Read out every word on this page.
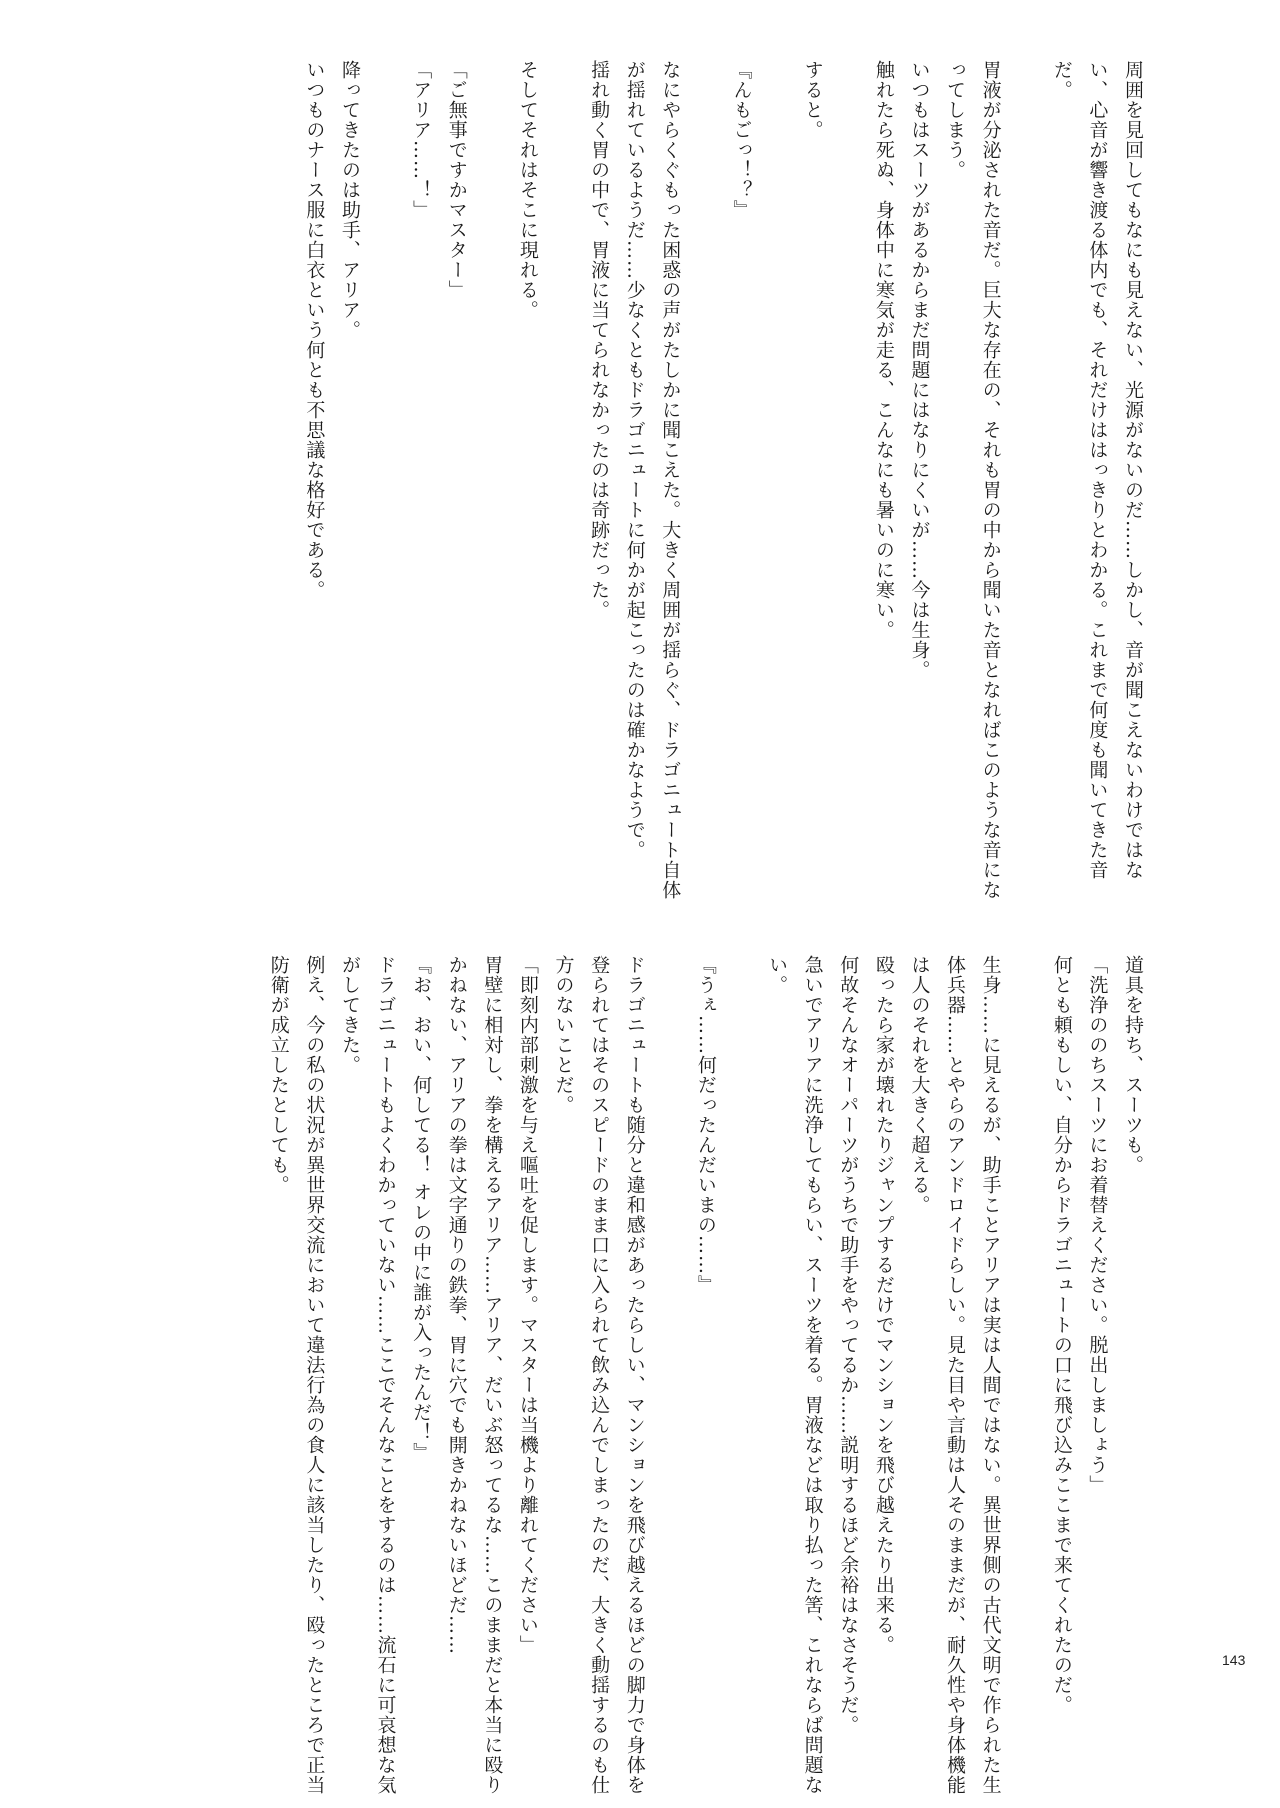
周囲を見回してもなにも見えない、光源がないのだ……しかし、音が聞こえないわけではない、心音が響き渡る体内でも、それだけははっきりとわかる。これまで何度も聞いてきた音だ。

胃液が分泌された音だ。巨大な存在の、それも胃の中から聞いた音となればこのような音になってしまう。

いつもはスーツがあるからまだ問題にはなりにくいが……今は生身。

触れたら死ぬ、身体中に寒気が走る、こんなにも暑いのに寒い。

すると。

『んもごっ！？』

なにやらくぐもった困惑の声がたしかに聞こえた。大きく周囲が揺らぐ、ドラゴニュート自体が揺れているようだ……少なくともドラゴニュートに何かが起こったのは確かなようで。

揺れ動く胃の中で、胃液に当てられなかったのは奇跡だった。

そしてそれはそこに現れる。

「ご無事ですかマスター」

「アリア……！」

降ってきたのは助手、アリア。

いつものナース服に白衣という何とも不思議な格好である。

道具を持ち、スーツも。

「洗浄ののちスーツにお着替えください。脱出しましょう」

何とも頼もしい、自分からドラゴニュートの口に飛び込みここまで来てくれたのだ。

生身……に見えるが、助手ことアリアは実は人間ではない。異世界側の古代文明で作られた生体兵器……とやらのアンドロイドらしい。見た目や言動は人そのままだが、耐久性や身体機能は人のそれを大きく超える。

殴ったら家が壊れたりジャンプするだけでマンションを飛び越えたり出来る。

何故そんなオーパーツがうちで助手をやってるか……説明するほど余裕はなさそうだ。

急いでアリアに洗浄してもらい、スーツを着る。胃液などは取り払った筈、これならば問題ない。

『うぇ……何だったんだいまの……』

ドラゴニュートも随分と違和感があったらしい、マンションを飛び越えるほどの脚力で身体を登られてはそのスピードのまま口に入られて飲み込んでしまったのだ、大きく動揺するのも仕方のないことだ。

「即刻内部刺激を与え嘔吐を促します。マスターは当機より離れてください」

胃壁に相対し、拳を構えるアリア……アリア、だいぶ怒ってるな……このままだと本当に殴りかねない、アリアの拳は文字通りの鉄拳、胃に穴でも開きかねないほどだ……

『お、おい、何してる！ オレの中に誰が入ったんだ！』

ドラゴニュートもよくわかっていない……ここでそんなことをするのは……流石に可哀想な気がしてきた。

例え、今の私の状況が異世界交流において違法行為の食人に該当したり、殴ったところで正当防衛が成立したとしても。

143
